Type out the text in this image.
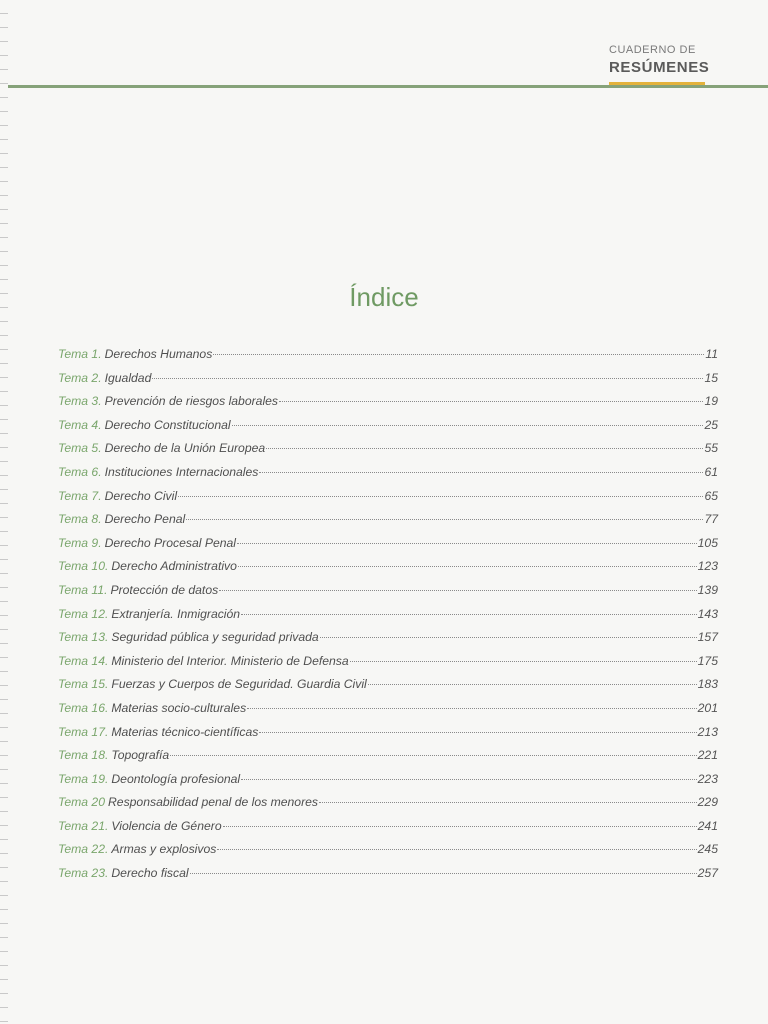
CUADERNO DE
RESÚMENES
Índice
Tema 1. Derechos Humanos	11
Tema 2. Igualdad	15
Tema 3. Prevención de riesgos laborales	19
Tema 4. Derecho Constitucional	25
Tema 5. Derecho de la Unión Europea	55
Tema 6. Instituciones Internacionales	61
Tema 7. Derecho Civil	65
Tema 8. Derecho Penal	77
Tema 9. Derecho Procesal Penal	105
Tema 10. Derecho Administrativo	123
Tema 11. Protección de datos	139
Tema 12. Extranjería. Inmigración	143
Tema 13. Seguridad pública y seguridad privada	157
Tema 14. Ministerio del Interior. Ministerio de Defensa	175
Tema 15. Fuerzas y Cuerpos de Seguridad. Guardia Civil	183
Tema 16. Materias socio-culturales	201
Tema 17. Materias técnico-científicas	213
Tema 18. Topografía	221
Tema 19. Deontología profesional	223
Tema 20 Responsabilidad penal de los menores	229
Tema 21. Violencia de Género	241
Tema 22. Armas y explosivos	245
Tema 23. Derecho fiscal	257
